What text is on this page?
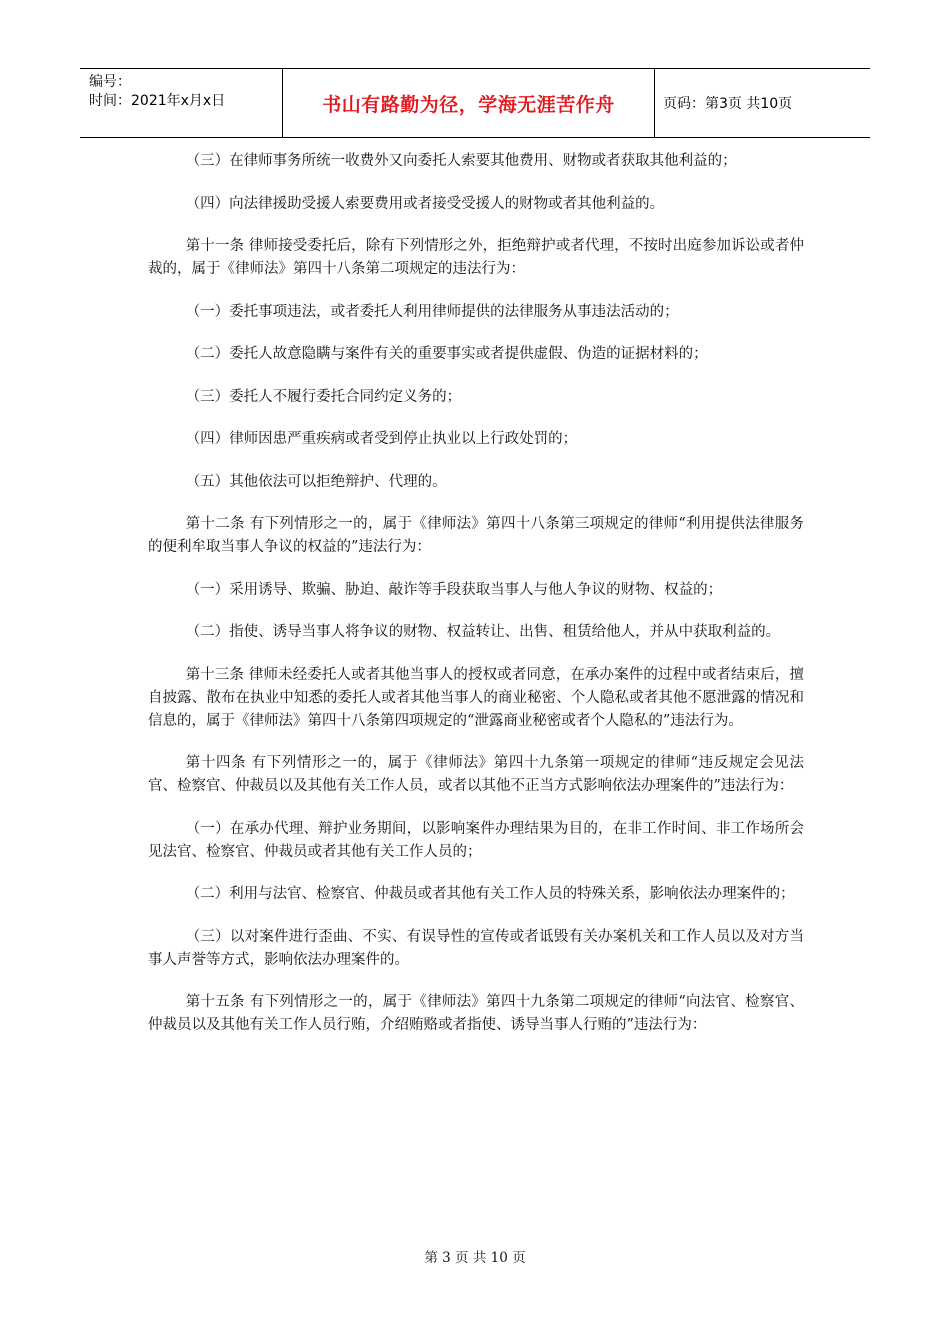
编号：
时间：2021年x月x日	书山有路勤为径，学海无涯苦作舟	页码：第3页 共10页

（三）在律师事务所统一收费外又向委托人索要其他费用、财物或者获取其他利益的；

（四）向法律援助受援人索要费用或者接受受援人的财物或者其他利益的。

第十一条 律师接受委托后，除有下列情形之外，拒绝辩护或者代理，不按时出庭参加诉讼或者仲裁的，属于《律师法》第四十八条第二项规定的违法行为：

（一）委托事项违法，或者委托人利用律师提供的法律服务从事违法活动的；

（二）委托人故意隐瞒与案件有关的重要事实或者提供虚假、伪造的证据材料的；

（三）委托人不履行委托合同约定义务的；

（四）律师因患严重疾病或者受到停止执业以上行政处罚的；

（五）其他依法可以拒绝辩护、代理的。

第十二条 有下列情形之一的，属于《律师法》第四十八条第三项规定的律师“利用提供法律服务的便利牟取当事人争议的权益的”违法行为：

（一）采用诱导、欺骗、胁迫、敲诈等手段获取当事人与他人争议的财物、权益的；

（二）指使、诱导当事人将争议的财物、权益转让、出售、租赁给他人，并从中获取利益的。

第十三条 律师未经委托人或者其他当事人的授权或者同意，在承办案件的过程中或者结束后，擅自披露、散布在执业中知悉的委托人或者其他当事人的商业秘密、个人隐私或者其他不愿泄露的情况和信息的，属于《律师法》第四十八条第四项规定的“泄露商业秘密或者个人隐私的”违法行为。

第十四条 有下列情形之一的，属于《律师法》第四十九条第一项规定的律师“违反规定会见法官、检察官、仲裁员以及其他有关工作人员，或者以其他不正当方式影响依法办理案件的”违法行为：

（一）在承办代理、辩护业务期间，以影响案件办理结果为目的，在非工作时间、非工作场所会见法官、检察官、仲裁员或者其他有关工作人员的；

（二）利用与法官、检察官、仲裁员或者其他有关工作人员的特殊关系，影响依法办理案件的；

（三）以对案件进行歪曲、不实、有误导性的宣传或者诋毁有关办案机关和工作人员以及对方当事人声誉等方式，影响依法办理案件的。

第十五条 有下列情形之一的，属于《律师法》第四十九条第二项规定的律师“向法官、检察官、仲裁员以及其他有关工作人员行贿，介绍贿赂或者指使、诱导当事人行贿的”违法行为：

第 3 页 共 10 页
